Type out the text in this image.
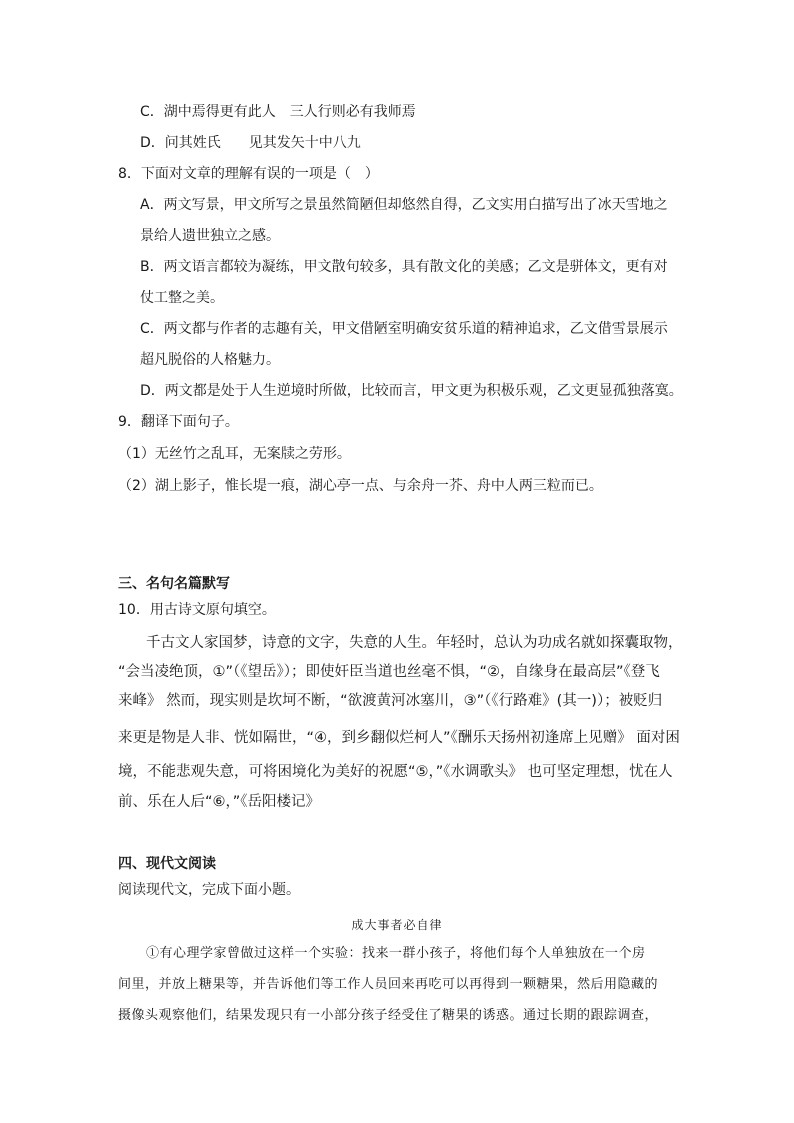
C．湖中焉得更有此人　三人行则必有我师焉
D．问其姓氏　　见其发矢十中八九
8．下面对文章的理解有误的一项是（　）
A．两文写景，甲文所写之景虽然简陋但却悠然自得，乙文实用白描写出了冰天雪地之
景给人遗世独立之感。
B．两文语言都较为凝练，甲文散句较多，具有散文化的美感；乙文是骈体文，更有对
仗工整之美。
C．两文都与作者的志趣有关，甲文借陋室明确安贫乐道的精神追求，乙文借雪景展示
超凡脱俗的人格魅力。
D．两文都是处于人生逆境时所做，比较而言，甲文更为积极乐观，乙文更显孤独落寞。
9．翻译下面句子。
（1）无丝竹之乱耳，无案牍之劳形。
（2）湖上影子，惟长堤一痕，湖心亭一点、与余舟一芥、舟中人两三粒而已。
三、名句名篇默写
10．用古诗文原句填空。
千古文人家国梦，诗意的文字，失意的人生。年轻时，总认为功成名就如探囊取物，
“会当凌绝顶，①”（《望岳》）；即使奸臣当道也丝毫不惧，“②，自缘身在最高层”《登飞
来峰》 然而，现实则是坎坷不断，“欲渡黄河冰塞川，③”（《行路难》(其一)）；被贬归
来更是物是人非、恍如隔世，“④，到乡翻似烂柯人”《酬乐天扬州初逢席上见赠》 面对困
境，不能悲观失意，可将困境化为美好的祝愿“⑤，”《水调歌头》 也可坚定理想，忧在人
前、乐在人后“⑥，”《岳阳楼记》
四、现代文阅读
阅读现代文，完成下面小题。
成大事者必自律
①有心理学家曾做过这样一个实验：找来一群小孩子，将他们每个人单独放在一个房
间里，并放上糖果等，并告诉他们等工作人员回来再吃可以再得到一颗糖果，然后用隐藏的
摄像头观察他们，结果发现只有一小部分孩子经受住了糖果的诱惑。通过长期的跟踪调查，
